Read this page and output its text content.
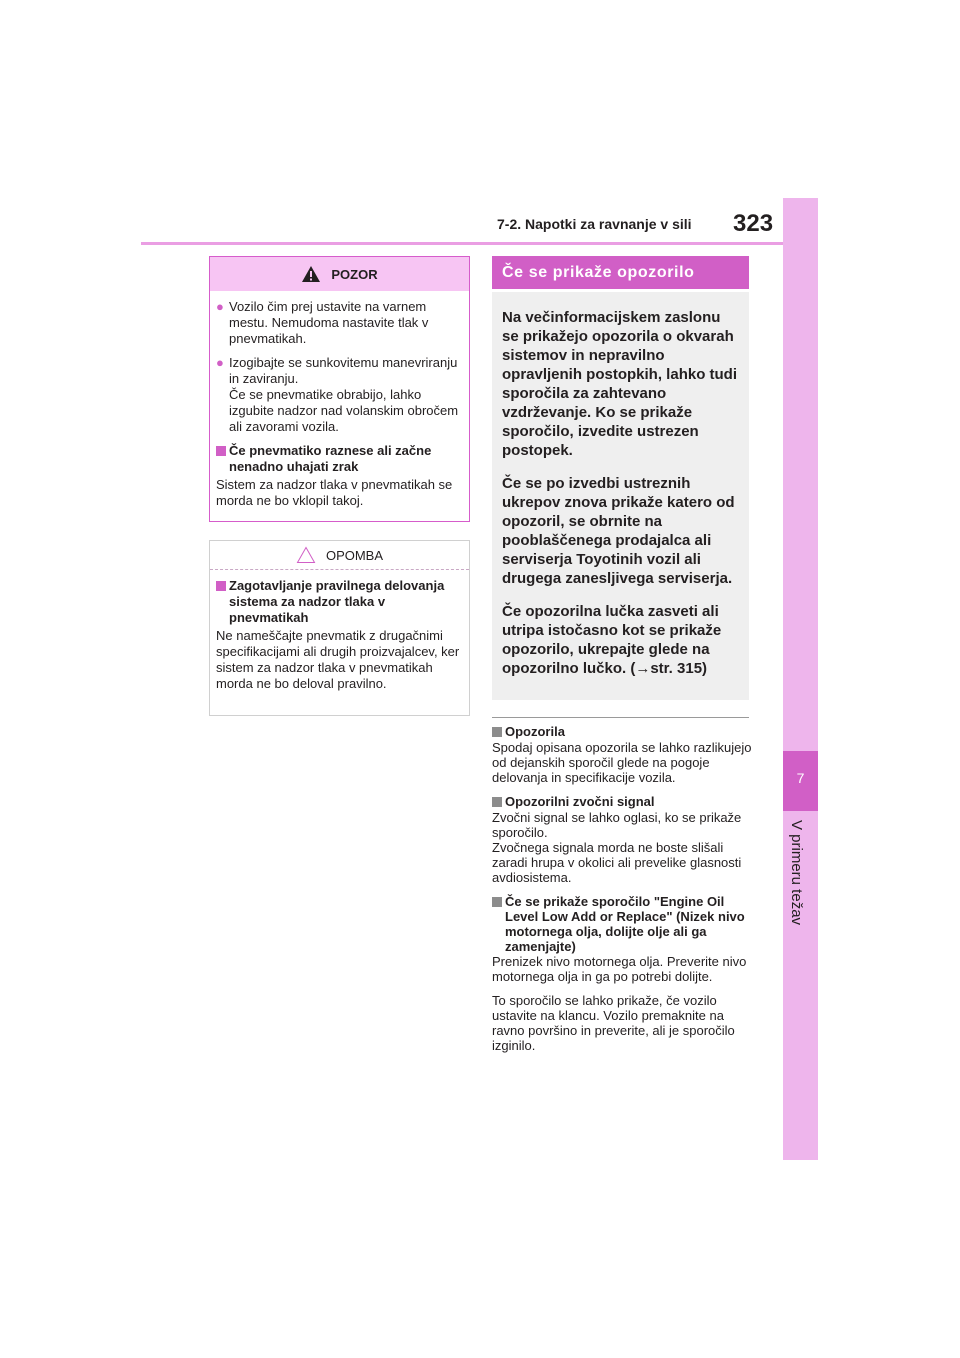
7-2. Napotki za ravnanje v sili 323
7
V primeru težav
POZOR
● Vozilo čim prej ustavite na varnem mestu. Nemudoma nastavite tlak v pnevmatikah.
● Izogibajte se sunkovitemu manevriranju in zaviranju.
Če se pnevmatike obrabijo, lahko izgubite nadzor nad volanskim obročem ali zavorami vozila.
Če pnevmatiko raznese ali začne nenadno uhajati zrak
Sistem za nadzor tlaka v pnevmatikah se morda ne bo vklopil takoj.
OPOMBA
Zagotavljanje pravilnega delovanja sistema za nadzor tlaka v pnevmatikah
Ne nameščajte pnevmatik z drugačnimi specifikacijami ali drugih proizvajalcev, ker sistem za nadzor tlaka v pnevmatikah morda ne bo deloval pravilno.
Če se prikaže opozorilo

Na večinformacijskem zaslonu se prikažejo opozorila o okvarah sistemov in nepravilno opravljenih postopkih, lahko tudi sporočila za zahtevano vzdrževanje. Ko se prikaže sporočilo, izvedite ustrezen postopek.

Če se po izvedbi ustreznih ukrepov znova prikaže katero od opozoril, se obrnite na pooblaščenega prodajalca ali serviserja Toyotinih vozil ali drugega zanesljivega serviserja.

Če opozorilna lučka zasveti ali utripa istočasno kot se prikaže opozorilo, ukrepajte glede na opozorilno lučko. (→str. 315)

Opozorila

Spodaj opisana opozorila se lahko razlikujejo od dejanskih sporočil glede na pogoje delovanja in specifikacije vozila.

Opozorilni zvočni signal

Zvočni signal se lahko oglasi, ko se prikaže sporočilo.
Zvočnega signala morda ne boste slišali zaradi hrupa v okolici ali prevelike glasnosti avdiosistema.

Če se prikaže sporočilo "Engine Oil Level Low Add or Replace" (Nizek nivo motornega olja, dolijte olje ali ga zamenjajte)

Prenizek nivo motornega olja. Preverite nivo motornega olja in ga po potrebi dolijte.

To sporočilo se lahko prikaže, če vozilo ustavite na klancu. Vozilo premaknite na ravno površino in preverite, ali je sporočilo izginilo.
